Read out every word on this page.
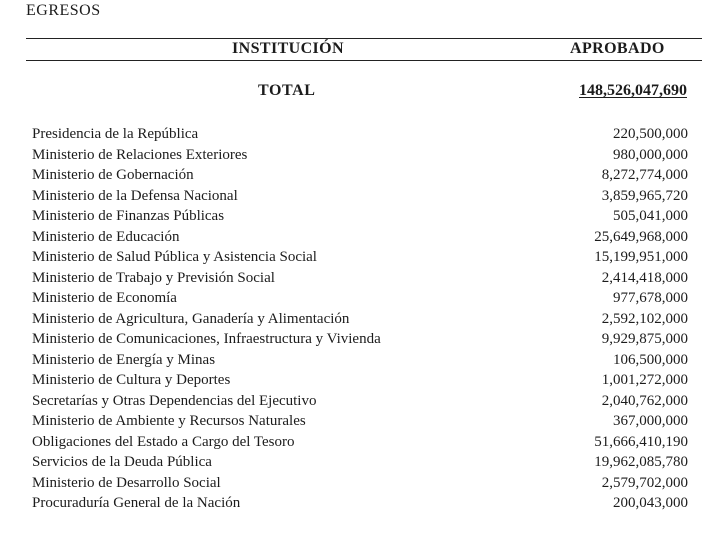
EGRESOS
INSTITUCIÓN	APROBADO
TOTAL	148,526,047,690
Presidencia de la República	220,500,000
Ministerio de Relaciones Exteriores	980,000,000
Ministerio de Gobernación	8,272,774,000
Ministerio de la Defensa Nacional	3,859,965,720
Ministerio de Finanzas Públicas	505,041,000
Ministerio de Educación	25,649,968,000
Ministerio de Salud Pública y Asistencia Social	15,199,951,000
Ministerio de Trabajo y Previsión Social	2,414,418,000
Ministerio de Economía	977,678,000
Ministerio de Agricultura, Ganadería y Alimentación	2,592,102,000
Ministerio de Comunicaciones, Infraestructura y Vivienda	9,929,875,000
Ministerio de Energía y Minas	106,500,000
Ministerio de Cultura y Deportes	1,001,272,000
Secretarías y Otras Dependencias del Ejecutivo	2,040,762,000
Ministerio de Ambiente y Recursos Naturales	367,000,000
Obligaciones del Estado a Cargo del Tesoro	51,666,410,190
Servicios de la Deuda Pública	19,962,085,780
Ministerio de Desarrollo Social	2,579,702,000
Procuraduría General de la Nación	200,043,000
